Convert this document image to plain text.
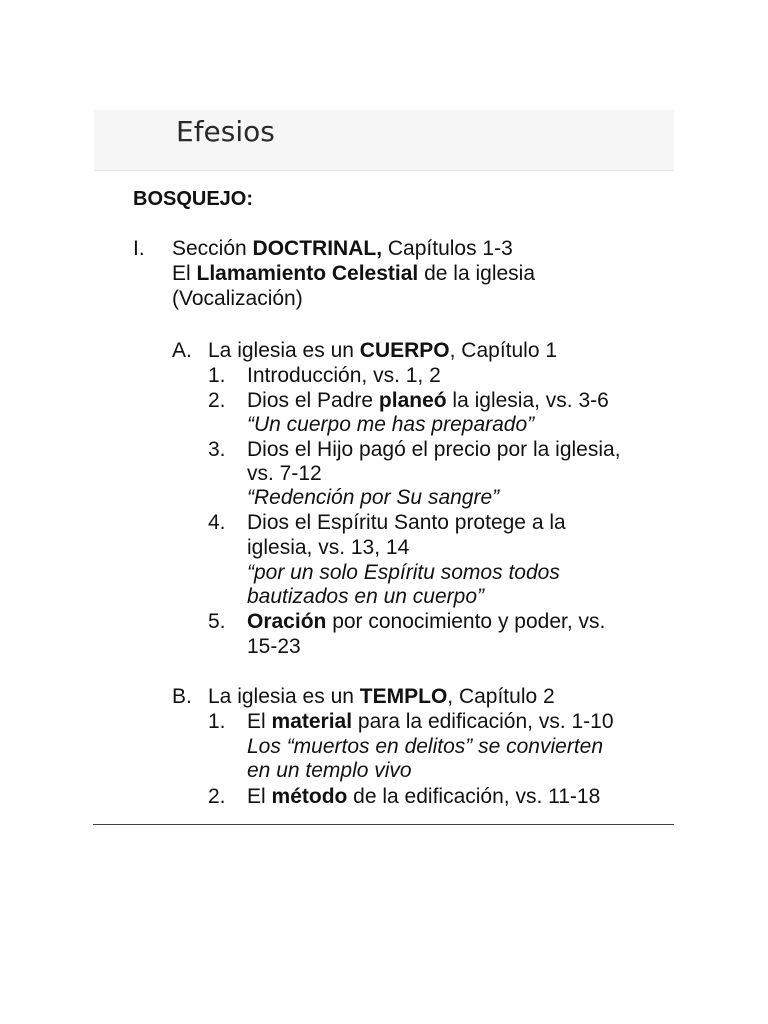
Efesios
BOSQUEJO:
I. Sección DOCTRINAL, Capítulos 1-3
El Llamamiento Celestial de la iglesia
(Vocalización)
A. La iglesia es un CUERPO, Capítulo 1
1. Introducción, vs. 1, 2
2. Dios el Padre planeó la iglesia, vs. 3-6
“Un cuerpo me has preparado”
3. Dios el Hijo pagó el precio por la iglesia,
vs. 7-12
“Redención por Su sangre”
4. Dios el Espíritu Santo protege a la
iglesia, vs. 13, 14
“por un solo Espíritu somos todos
bautizados en un cuerpo”
5. Oración por conocimiento y poder, vs.
15-23
B. La iglesia es un TEMPLO, Capítulo 2
1. El material para la edificación, vs. 1-10
Los “muertos en delitos” se convierten
en un templo vivo
2. El método de la edificación, vs. 11-18
